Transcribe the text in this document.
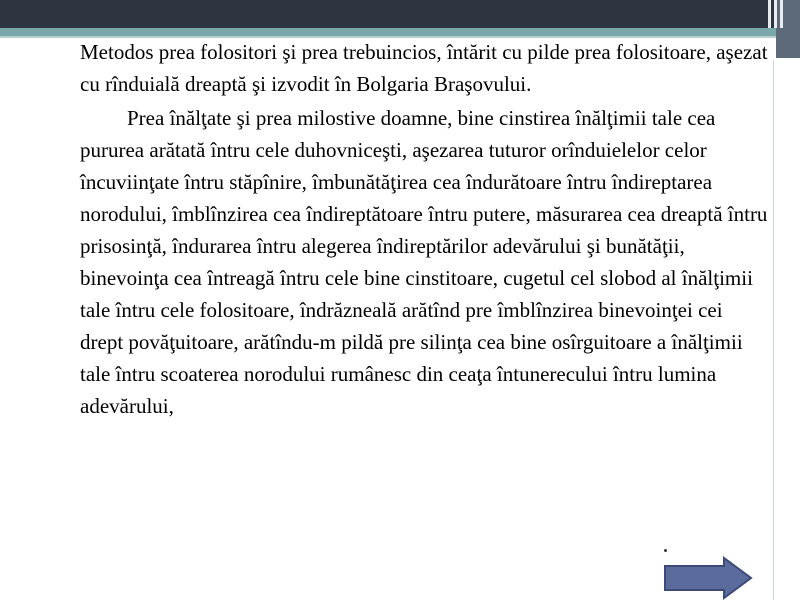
Metodos prea folositori şi prea trebuincios, întărit cu pilde prea folositoare, aşezat cu rînduială dreaptă şi izvodit în Bolgaria Braşovului.

Prea înălţate şi prea milostive doamne, bine cinstirea înălţimii tale cea pururea arătată întru cele duhovniceşti, aşezarea tuturor orînduielelor celor încuviinţate întru stăpînire, îmbunătăţirea cea îndurătoare întru îndireptarea norodului, îmblînzirea cea îndireptătoare întru putere, măsurarea cea dreaptă întru prisosinţă, îndurarea întru alegerea îndireptărilor adevărului şi bunătăţii, binevoinţa cea întreagă întru cele bine cinstitoare, cugetul cel slobod al înălţimii tale întru cele folositoare, îndrăzneală arătînd pre îmblînzirea binevoinţei cei drept povăţuitoare, arătîndu-m pildă pre silinţa cea bine osîrguitoare a înălţimii tale întru scoaterea norodului rumânesc din ceaţa întunerecului întru lumina adevărului,
